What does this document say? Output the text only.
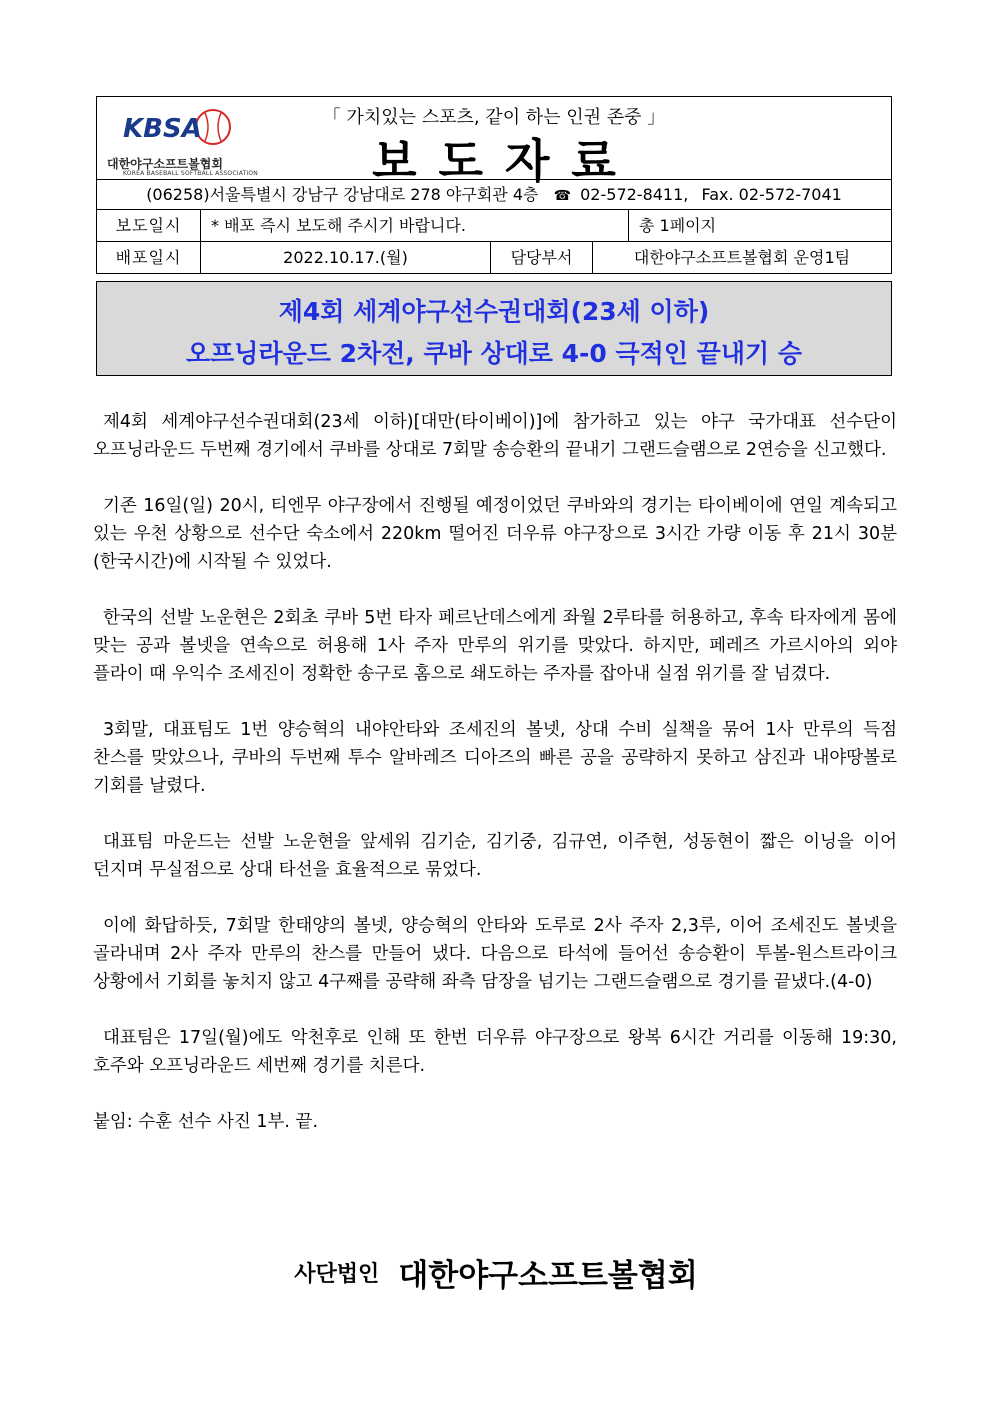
KBSA
대한야구소프트볼협회
KOREA BASEBALL SOFTBALL ASSOCIATION
「 가치있는 스포츠, 같이 하는 인권 존중 」
보도자료
(06258)서울특별시 강남구 강남대로 278 야구회관 4층 ☎ 02-572-8411, Fax. 02-572-7041
보도일시	* 배포 즉시 보도해 주시기 바랍니다.	총 1페이지
배포일시	2022.10.17.(월)	담당부서	대한야구소프트볼협회 운영1팀
제4회 세계야구선수권대회(23세 이하)
오프닝라운드 2차전, 쿠바 상대로 4-0 극적인 끝내기 승

제4회 세계야구선수권대회(23세 이하)[대만(타이베이)]에 참가하고 있는 야구 국가대표 선수단이 오프닝라운드 두번째 경기에서 쿠바를 상대로 7회말 송승환의 끝내기 그랜드슬램으로 2연승을 신고했다.

기존 16일(일) 20시, 티엔무 야구장에서 진행될 예정이었던 쿠바와의 경기는 타이베이에 연일 계속되고 있는 우천 상황으로 선수단 숙소에서 220km 떨어진 더우류 야구장으로 3시간 가량 이동 후 21시 30분(한국시간)에 시작될 수 있었다.

한국의 선발 노운현은 2회초 쿠바 5번 타자 페르난데스에게 좌월 2루타를 허용하고, 후속 타자에게 몸에 맞는 공과 볼넷을 연속으로 허용해 1사 주자 만루의 위기를 맞았다. 하지만, 페레즈 가르시아의 외야 플라이 때 우익수 조세진이 정확한 송구로 홈으로 쇄도하는 주자를 잡아내 실점 위기를 잘 넘겼다.

3회말, 대표팀도 1번 양승혁의 내야안타와 조세진의 볼넷, 상대 수비 실책을 묶어 1사 만루의 득점 찬스를 맞았으나, 쿠바의 두번째 투수 알바레즈 디아즈의 빠른 공을 공략하지 못하고 삼진과 내야땅볼로 기회를 날렸다.

대표팀 마운드는 선발 노운현을 앞세워 김기순, 김기중, 김규연, 이주현, 성동현이 짧은 이닝을 이어 던지며 무실점으로 상대 타선을 효율적으로 묶었다.

이에 화답하듯, 7회말 한태양의 볼넷, 양승혁의 안타와 도루로 2사 주자 2,3루, 이어 조세진도 볼넷을 골라내며 2사 주자 만루의 찬스를 만들어 냈다. 다음으로 타석에 들어선 송승환이 투볼-원스트라이크 상황에서 기회를 놓치지 않고 4구째를 공략해 좌측 담장을 넘기는 그랜드슬램으로 경기를 끝냈다.(4-0)

대표팀은 17일(월)에도 악천후로 인해 또 한번 더우류 야구장으로 왕복 6시간 거리를 이동해 19:30, 호주와 오프닝라운드 세번째 경기를 치른다.

붙임: 수훈 선수 사진 1부. 끝.

사단법인 대한야구소프트볼협회
